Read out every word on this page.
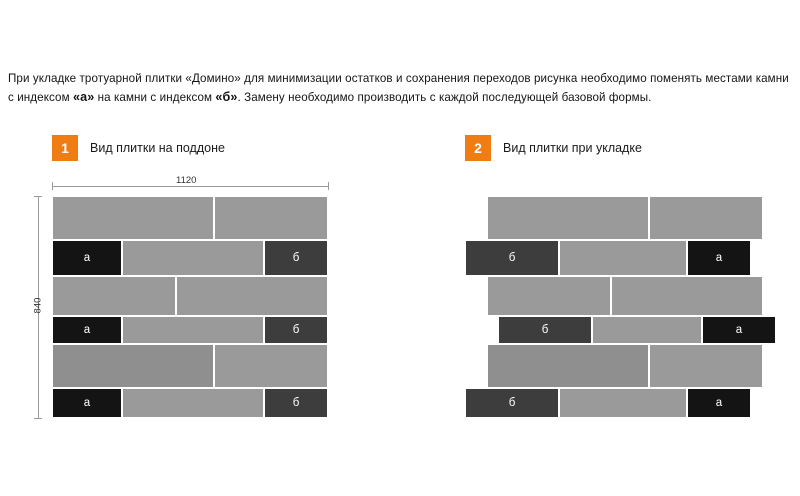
При укладке тротуарной плитки «Домино» для минимизации остатков и сохранения переходов рисунка необходимо поменять местами камни с индексом «а» на камни с индексом «б». Замену необходимо производить с каждой последующей базовой формы.

1	Вид плитки на поддоне	2	Вид плитки при укладке
1120
840
а	б
а	б
а	б
б	а
б	а
б	а
